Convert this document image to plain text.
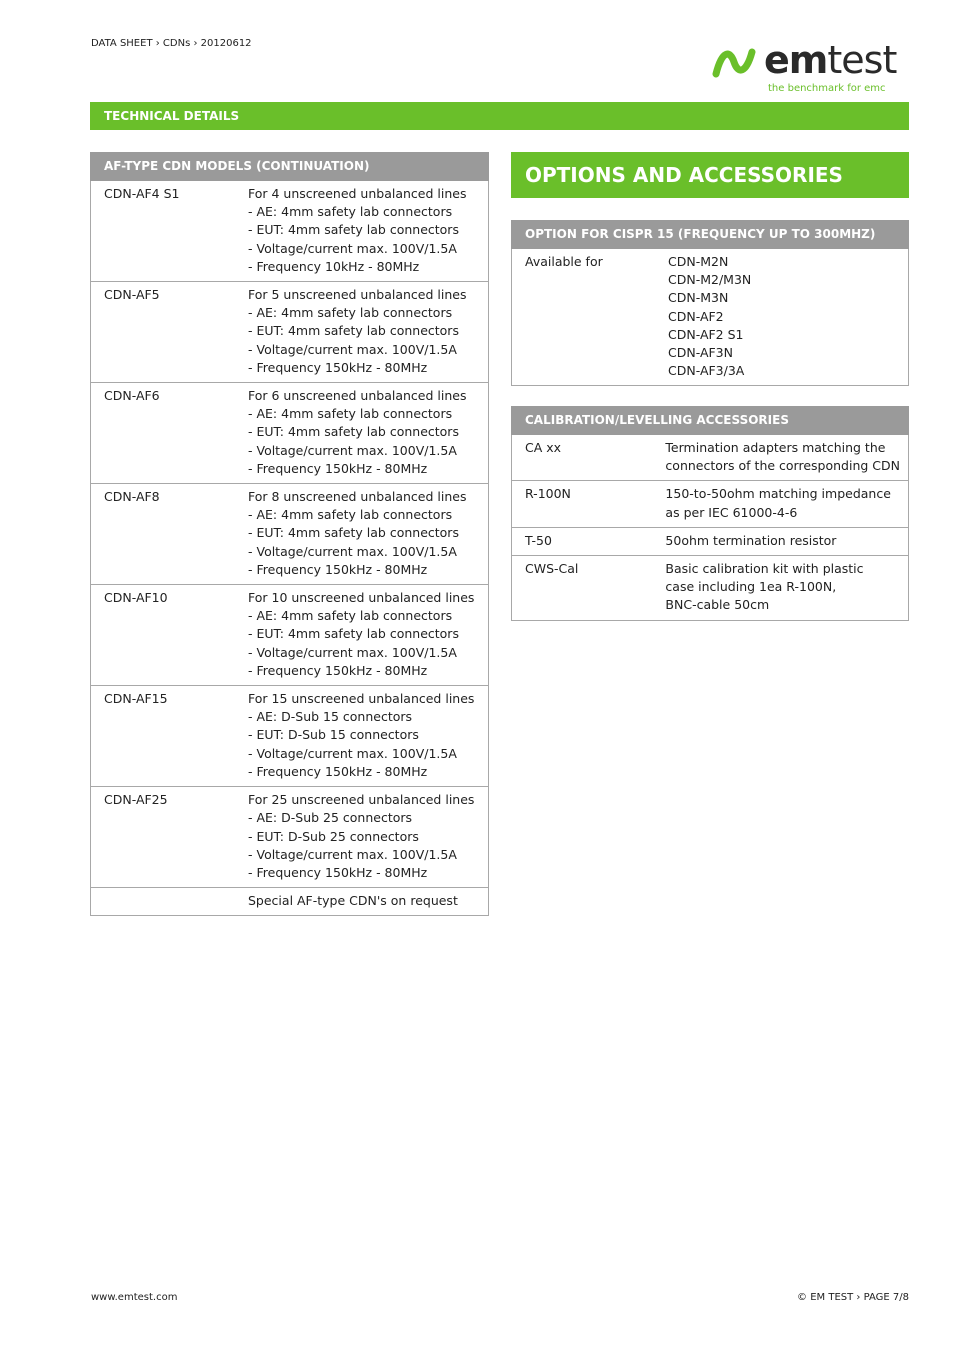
DATA SHEET › CDNs › 20120612	emtest
the benchmark for emc
TECHNICAL DETAILS
AF-TYPE CDN MODELS (CONTINUATION)	
CDN-AF4 S1	For 4 unscreened unbalanced lines
- AE: 4mm safety lab connectors
- EUT: 4mm safety lab connectors
- Voltage/current max. 100V/1.5A
- Frequency 10kHz - 80MHz

CDN-AF5	For 5 unscreened unbalanced lines
- AE: 4mm safety lab connectors
- EUT: 4mm safety lab connectors
- Voltage/current max. 100V/1.5A
- Frequency 150kHz - 80MHz

CDN-AF6	For 6 unscreened unbalanced lines
- AE: 4mm safety lab connectors
- EUT: 4mm safety lab connectors
- Voltage/current max. 100V/1.5A
- Frequency 150kHz - 80MHz

CDN-AF8	For 8 unscreened unbalanced lines
- AE: 4mm safety lab connectors
- EUT: 4mm safety lab connectors
- Voltage/current max. 100V/1.5A
- Frequency 150kHz - 80MHz

CDN-AF10	For 10 unscreened unbalanced lines
- AE: 4mm safety lab connectors
- EUT: 4mm safety lab connectors
- Voltage/current max. 100V/1.5A
- Frequency 150kHz - 80MHz

CDN-AF15	For 15 unscreened unbalanced lines
- AE: D-Sub 15 connectors
- EUT: D-Sub 15 connectors
- Voltage/current max. 100V/1.5A
- Frequency 150kHz - 80MHz

CDN-AF25	For 25 unscreened unbalanced lines
- AE: D-Sub 25 connectors
- EUT: D-Sub 25 connectors
- Voltage/current max. 100V/1.5A
- Frequency 150kHz - 80MHz

	Special AF-type CDN's on request
OPTIONS AND ACCESSORIES
OPTION FOR CISPR 15 (FREQUENCY UP TO 300MHZ)
Available for	CDN-M2N
CDN-M2/M3N
CDN-M3N
CDN-AF2
CDN-AF2 S1
CDN-AF3N
CDN-AF3/3A
CALIBRATION/LEVELLING ACCESSORIES	
CA xx	Termination adapters matching the
connectors of the corresponding CDN

R-100N	150-to-50ohm matching impedance
as per IEC 61000-4-6

T-50	50ohm termination resistor

CWS-Cal	Basic calibration kit with plastic
case including 1ea R-100N,
BNC-cable 50cm
www.emtest.com	© EM TEST › PAGE 7/8
